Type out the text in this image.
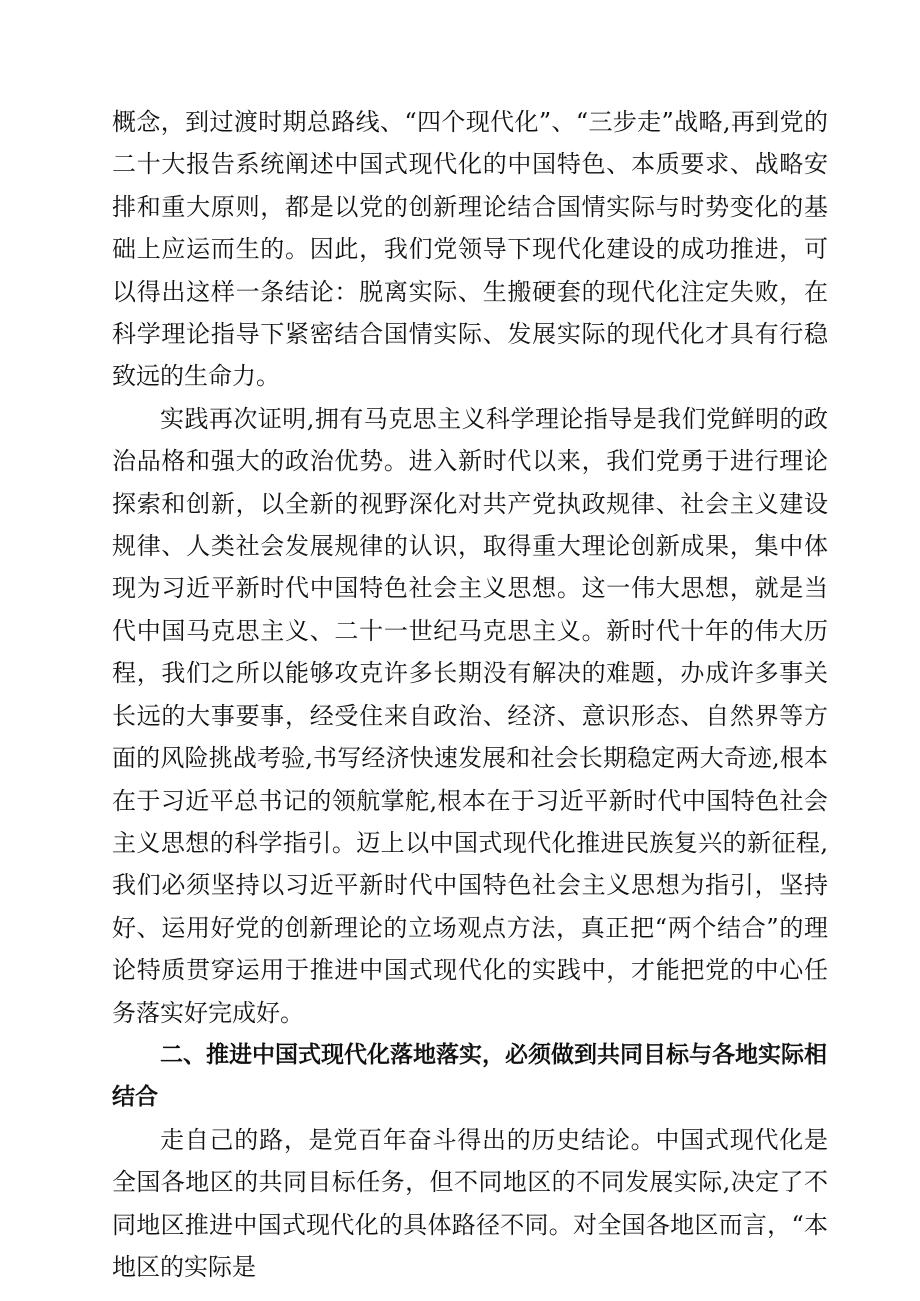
概念，到过渡时期总路线、“四个现代化”、“三步走”战略,再到党的二十大报告系统阐述中国式现代化的中国特色、本质要求、战略安排和重大原则，都是以党的创新理论结合国情实际与时势变化的基础上应运而生的。因此，我们党领导下现代化建设的成功推进，可以得出这样一条结论：脱离实际、生搬硬套的现代化注定失败，在科学理论指导下紧密结合国情实际、发展实际的现代化才具有行稳致远的生命力。

实践再次证明,拥有马克思主义科学理论指导是我们党鲜明的政治品格和强大的政治优势。进入新时代以来，我们党勇于进行理论探索和创新，以全新的视野深化对共产党执政规律、社会主义建设规律、人类社会发展规律的认识，取得重大理论创新成果，集中体现为习近平新时代中国特色社会主义思想。这一伟大思想，就是当代中国马克思主义、二十一世纪马克思主义。新时代十年的伟大历程，我们之所以能够攻克许多长期没有解决的难题，办成许多事关长远的大事要事，经受住来自政治、经济、意识形态、自然界等方面的风险挑战考验,书写经济快速发展和社会长期稳定两大奇迹,根本在于习近平总书记的领航掌舵,根本在于习近平新时代中国特色社会主义思想的科学指引。迈上以中国式现代化推进民族复兴的新征程,我们必须坚持以习近平新时代中国特色社会主义思想为指引，坚持好、运用好党的创新理论的立场观点方法，真正把“两个结合”的理论特质贯穿运用于推进中国式现代化的实践中，才能把党的中心任务落实好完成好。

二、推进中国式现代化落地落实，必须做到共同目标与各地实际相结合

走自己的路，是党百年奋斗得出的历史结论。中国式现代化是全国各地区的共同目标任务，但不同地区的不同发展实际,决定了不同地区推进中国式现代化的具体路径不同。对全国各地区而言，“本地区的实际是
